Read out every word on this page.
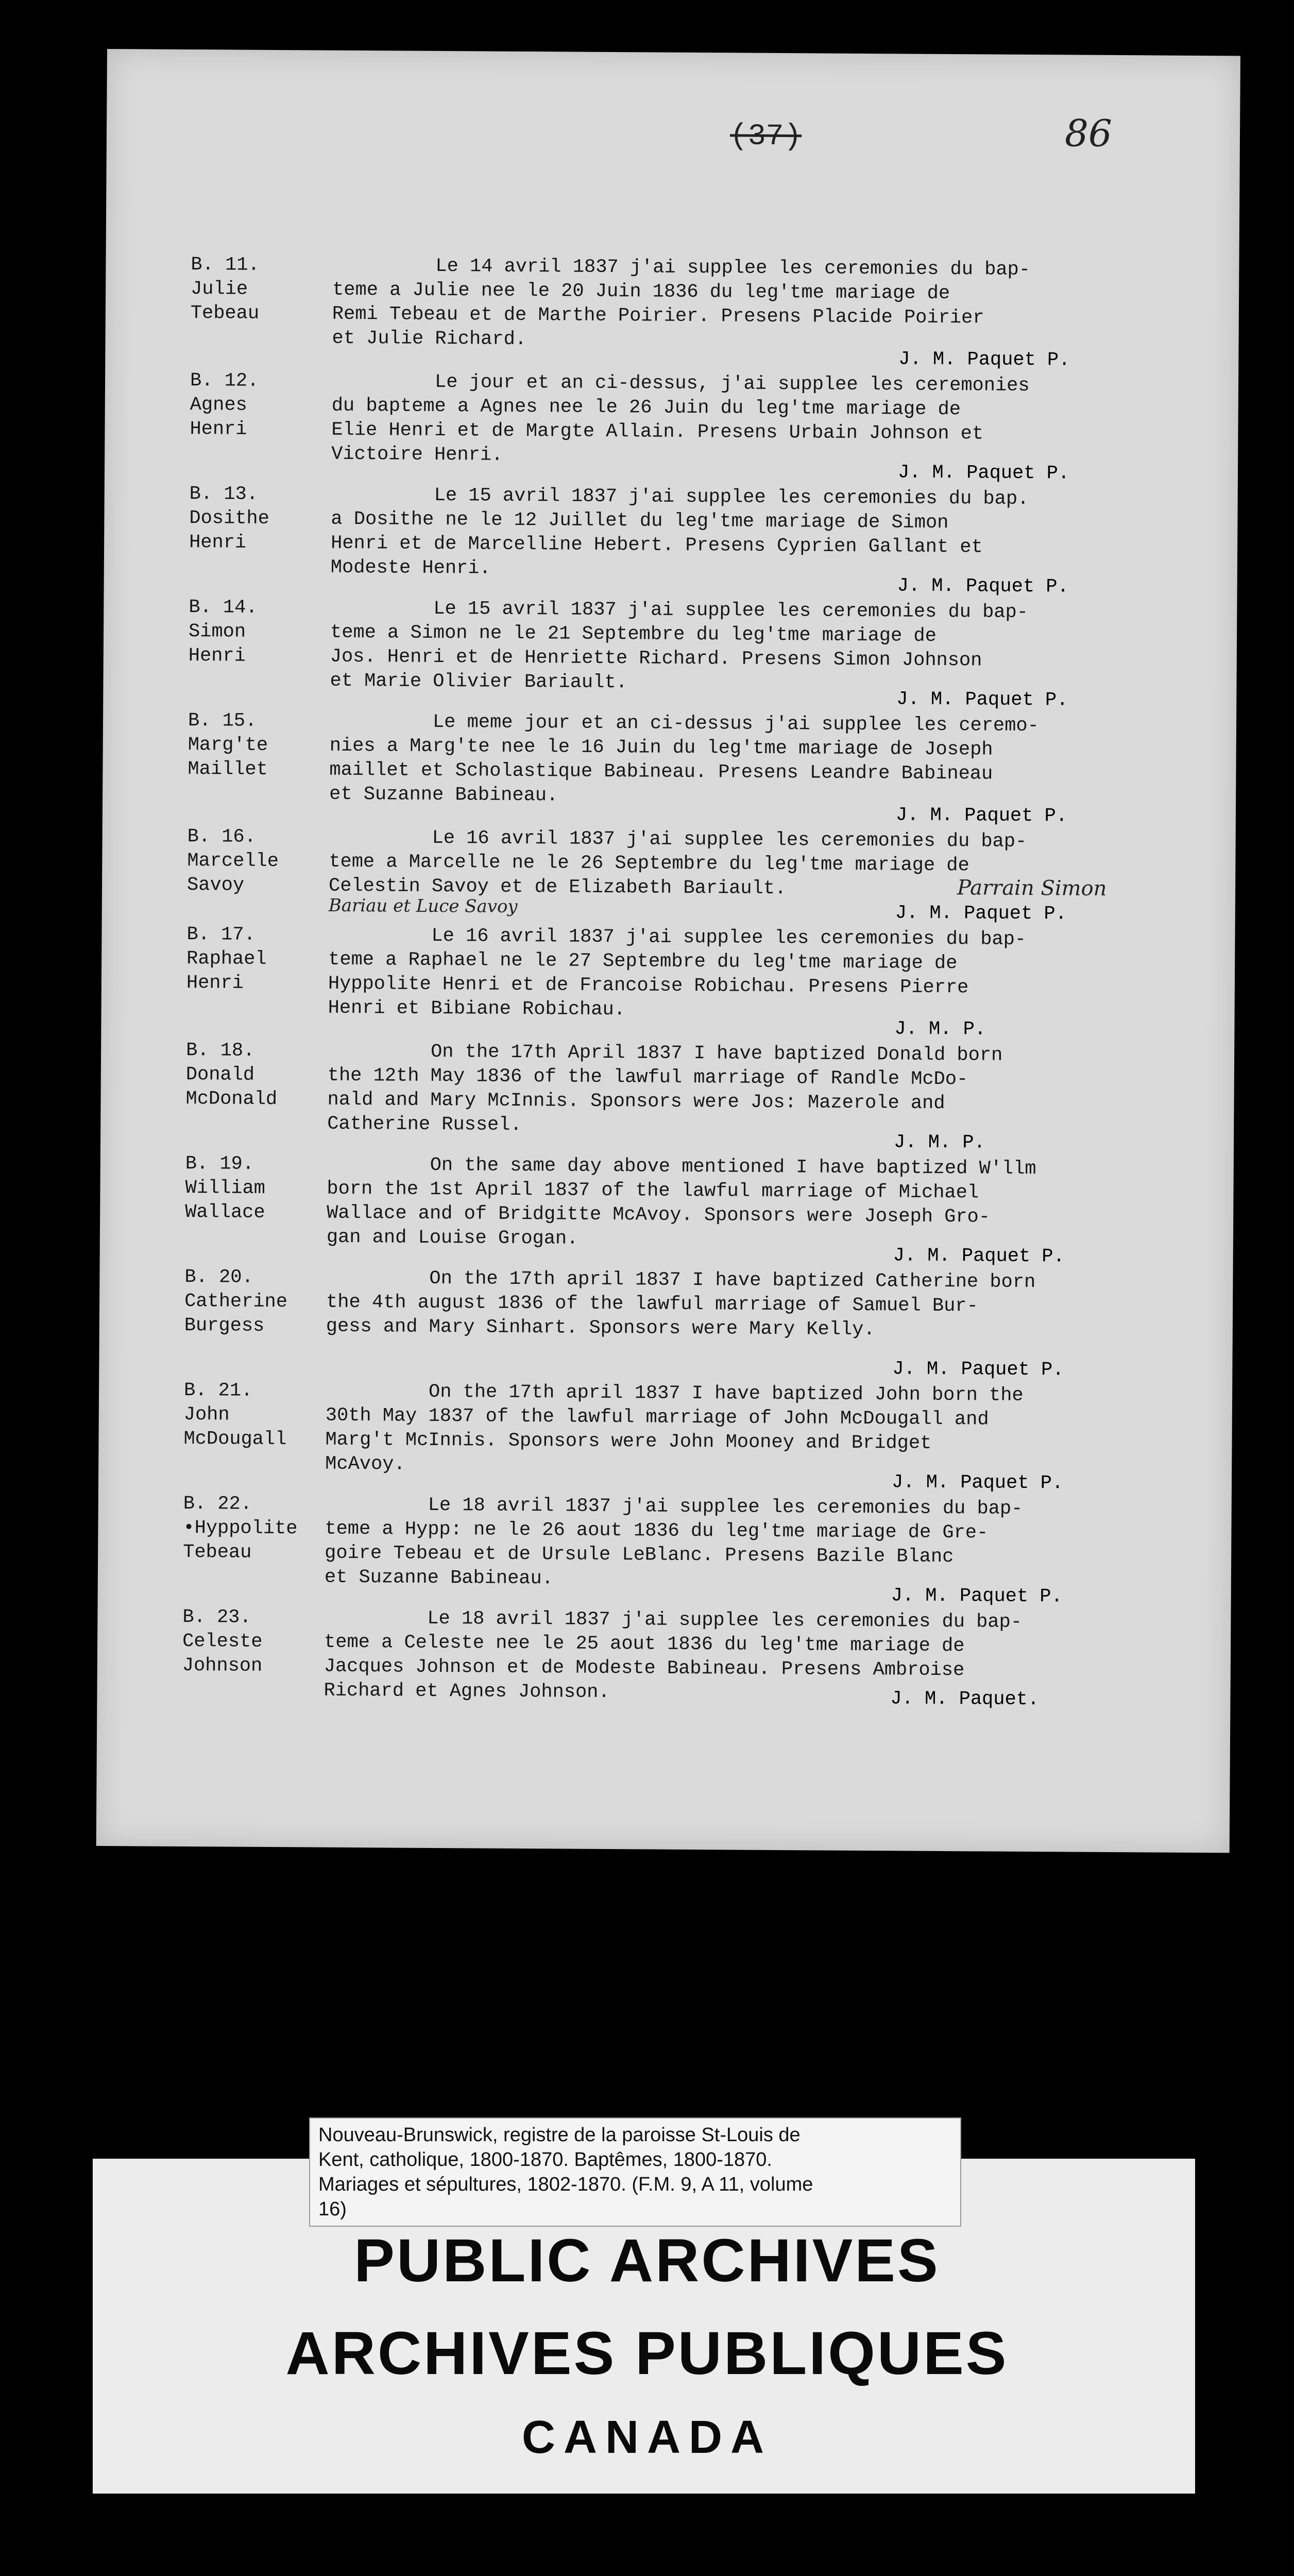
(37)	86
B. 11.
Julie
Tebeau

Le 14 avril 1837 j'ai supplee les ceremonies du bap-

teme a Julie nee le 20 Juin 1836 du leg'tme mariage de

Remi Tebeau et de Marthe Poirier. Presens Placide Poirier

et Julie Richard.

B. 12.
Agnes
Henri

Le jour et an ci-dessus, j'ai supplee les ceremonies

du bapteme a Agnes nee le 26 Juin du leg'tme mariage de

Elie Henri et de Margte Allain. Presens Urbain Johnson et

Victoire Henri.

J. M. Paquet P.
B. 13.
Dosithe
Henri

Le 15 avril 1837 j'ai supplee les ceremonies du bap.

a Dosithe ne le 12 Juillet du leg'tme mariage de Simon

Henri et de Marcelline Hebert. Presens Cyprien Gallant et

Modeste Henri.

J. M. Paquet P.
B. 14.
Simon
Henri

Le 15 avril 1837 j'ai supplee les ceremonies du bap-

teme a Simon ne le 21 Septembre du leg'tme mariage de

Jos. Henri et de Henriette Richard. Presens Simon Johnson

et Marie Olivier Bariault.

J. M. Paquet P.
B. 15.
Marg'te
Maillet

Le meme jour et an ci-dessus j'ai supplee les ceremo-

nies a Marg'te nee le 16 Juin du leg'tme mariage de Joseph

maillet et Scholastique Babineau. Presens Leandre Babineau

et Suzanne Babineau.

J. M. Paquet P.
B. 16.
Marcelle
Savoy

Le 16 avril 1837 j'ai supplee les ceremonies du bap-

teme a Marcelle ne le 26 Septembre du leg'tme mariage de

Celestin Savoy et de Elizabeth Bariault.

J. M. Paquet P.
B. 17.
Raphael
Henri

Le 16 avril 1837 j'ai supplee les ceremonies du bap-

teme a Raphael ne le 27 Septembre du leg'tme mariage de

Hyppolite Henri et de Francoise Robichau. Presens Pierre

Henri et Bibiane Robichau.

J. M. Paquet P.
B. 18.
Donald
McDonald

On the 17th April 1837 I have baptized Donald born

the 12th May 1836 of the lawful marriage of Randle McDo-

nald and Mary McInnis. Sponsors were Jos: Mazerole and

Catherine Russel.

J. M. P.
B. 19.
William
Wallace

On the same day above mentioned I have baptized W'llm

born the 1st April 1837 of the lawful marriage of Michael

Wallace and of Bridgitte McAvoy. Sponsors were Joseph Gro-

gan and Louise Grogan.

J. M. P.
B. 20.
Catherine
Burgess

On the 17th april 1837 I have baptized Catherine born

the 4th august 1836 of the lawful marriage of Samuel Bur-

gess and Mary Sinhart. Sponsors were Mary Kelly.

J. M. Paquet P.
B. 21.
John
McDougall

On the 17th april 1837 I have baptized John born the

30th May 1837 of the lawful marriage of John McDougall and

Marg't McInnis. Sponsors were John Mooney and Bridget

McAvoy.

J. M. Paquet P.
B. 22.
•Hyppolite
Tebeau

Le 18 avril 1837 j'ai supplee les ceremonies du bap-

teme a Hypp: ne le 26 aout 1836 du leg'tme mariage de Gre-

goire Tebeau et de Ursule LeBlanc. Presens Bazile Blanc

et Suzanne Babineau.

J. M. Paquet P.
B. 23.
Celeste
Johnson

Le 18 avril 1837 j'ai supplee les ceremonies du bap-

teme a Celeste nee le 25 aout 1836 du leg'tme mariage de

Jacques Johnson et de Modeste Babineau. Presens Ambroise

Richard et Agnes Johnson.

J. M. Paquet P.
Parrain Simon
Bariau et Luce Savoy
J. M. Paquet.

Nouveau-Brunswick, registre de la paroisse St-Louis de

Kent, catholique, 1800-1870. Baptêmes, 1800-1870.

Mariages et sépultures, 1802-1870. (F.M. 9, A 11, volume

16)

PUBLIC ARCHIVES
ARCHIVES PUBLIQUES
CANADA
